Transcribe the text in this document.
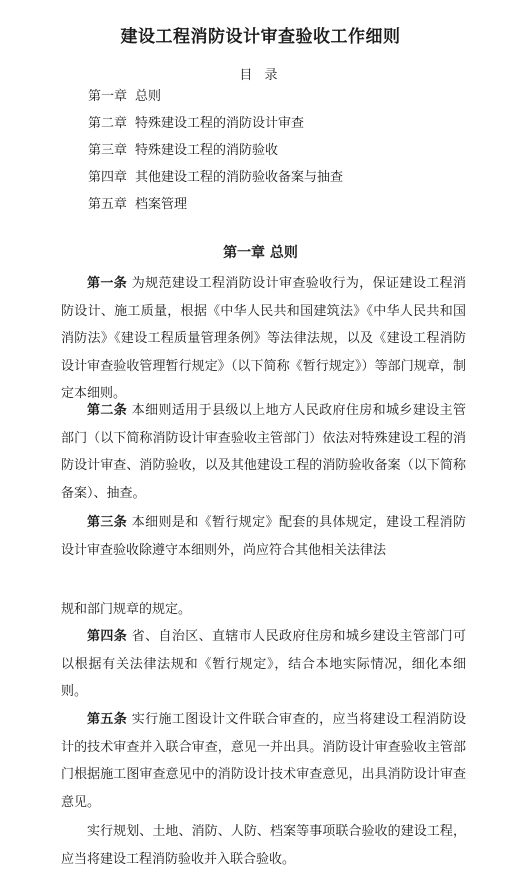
建设工程消防设计审查验收工作细则
目 录
第一章 总则
第二章 特殊建设工程的消防设计审查
第三章 特殊建设工程的消防验收
第四章 其他建设工程的消防验收备案与抽查
第五章 档案管理
第一章 总则

第一条 为规范建设工程消防设计审查验收行为，保证建设工程消防设计、施工质量，根据《中华人民共和国建筑法》《中华人民共和国消防法》《建设工程质量管理条例》等法律法规，以及《建设工程消防设计审查验收管理暂行规定》（以下简称《暂行规定》）等部门规章，制定本细则。

第二条 本细则适用于县级以上地方人民政府住房和城乡建设主管部门（以下简称消防设计审查验收主管部门）依法对特殊建设工程的消防设计审查、消防验收，以及其他建设工程的消防验收备案（以下简称备案）、抽查。

第三条 本细则是和《暂行规定》配套的具体规定，建设工程消防设计审查验收除遵守本细则外，尚应符合其他相关法律法

规和部门规章的规定。

第四条 省、自治区、直辖市人民政府住房和城乡建设主管部门可以根据有关法律法规和《暂行规定》，结合本地实际情况，细化本细则。

第五条 实行施工图设计文件联合审查的，应当将建设工程消防设计的技术审查并入联合审查，意见一并出具。消防设计审查验收主管部门根据施工图审查意见中的消防设计技术审查意见，出具消防设计审查意见。

实行规划、土地、消防、人防、档案等事项联合验收的建设工程，应当将建设工程消防验收并入联合验收。
